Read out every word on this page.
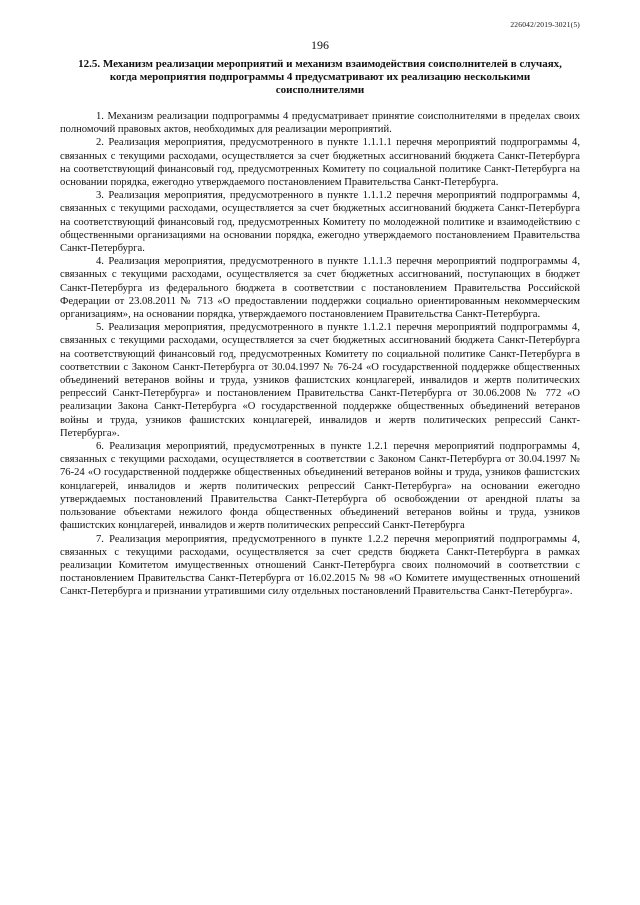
226042/2019-3021(5)
196
12.5. Механизм реализации мероприятий и механизм взаимодействия соисполнителей в случаях, когда мероприятия подпрограммы 4 предусматривают их реализацию несколькими соисполнителями

1. Механизм реализации подпрограммы 4 предусматривает принятие соисполнителями в пределах своих полномочий правовых актов, необходимых для реализации мероприятий.

2. Реализация мероприятия, предусмотренного в пункте 1.1.1.1 перечня мероприятий подпрограммы 4, связанных с текущими расходами, осуществляется за счет бюджетных ассигнований бюджета Санкт-Петербурга на соответствующий финансовый год, предусмотренных Комитету по социальной политике Санкт-Петербурга на основании порядка, ежегодно утверждаемого постановлением Правительства Санкт-Петербурга.

3. Реализация мероприятия, предусмотренного в пункте 1.1.1.2 перечня мероприятий подпрограммы 4, связанных с текущими расходами, осуществляется за счет бюджетных ассигнований бюджета Санкт-Петербурга на соответствующий финансовый год, предусмотренных Комитету по молодежной политике и взаимодействию с общественными организациями на основании порядка, ежегодно утверждаемого постановлением Правительства Санкт-Петербурга.

4. Реализация мероприятия, предусмотренного в пункте 1.1.1.3 перечня мероприятий подпрограммы 4, связанных с текущими расходами, осуществляется за счет бюджетных ассигнований, поступающих в бюджет Санкт-Петербурга из федерального бюджета в соответствии с постановлением Правительства Российской Федерации от 23.08.2011 № 713 «О предоставлении поддержки социально ориентированным некоммерческим организациям», на основании порядка, утверждаемого постановлением Правительства Санкт-Петербурга.

5. Реализация мероприятия, предусмотренного в пункте 1.1.2.1 перечня мероприятий подпрограммы 4, связанных с текущими расходами, осуществляется за счет бюджетных ассигнований бюджета Санкт-Петербурга на соответствующий финансовый год, предусмотренных Комитету по социальной политике Санкт-Петербурга в соответствии с Законом Санкт-Петербурга от 30.04.1997 № 76-24 «О государственной поддержке общественных объединений ветеранов войны и труда, узников фашистских концлагерей, инвалидов и жертв политических репрессий Санкт-Петербурга» и постановлением Правительства Санкт-Петербурга от 30.06.2008 № 772 «О реализации Закона Санкт-Петербурга «О государственной поддержке общественных объединений ветеранов войны и труда, узников фашистских концлагерей, инвалидов и жертв политических репрессий Санкт-Петербурга».

6. Реализация мероприятий, предусмотренных в пункте 1.2.1 перечня мероприятий подпрограммы 4, связанных с текущими расходами, осуществляется в соответствии с Законом Санкт-Петербурга от 30.04.1997 № 76-24 «О государственной поддержке общественных объединений ветеранов войны и труда, узников фашистских концлагерей, инвалидов и жертв политических репрессий Санкт-Петербурга» на основании ежегодно утверждаемых постановлений Правительства Санкт-Петербурга об освобождении от арендной платы за пользование объектами нежилого фонда общественных объединений ветеранов войны и труда, узников фашистских концлагерей, инвалидов и жертв политических репрессий Санкт-Петербурга

7. Реализация мероприятия, предусмотренного в пункте 1.2.2 перечня мероприятий подпрограммы 4, связанных с текущими расходами, осуществляется за счет средств бюджета Санкт-Петербурга в рамках реализации Комитетом имущественных отношений Санкт-Петербурга своих полномочий в соответствии с постановлением Правительства Санкт-Петербурга от 16.02.2015 № 98 «О Комитете имущественных отношений Санкт-Петербурга и признании утратившими силу отдельных постановлений Правительства Санкт-Петербурга».
